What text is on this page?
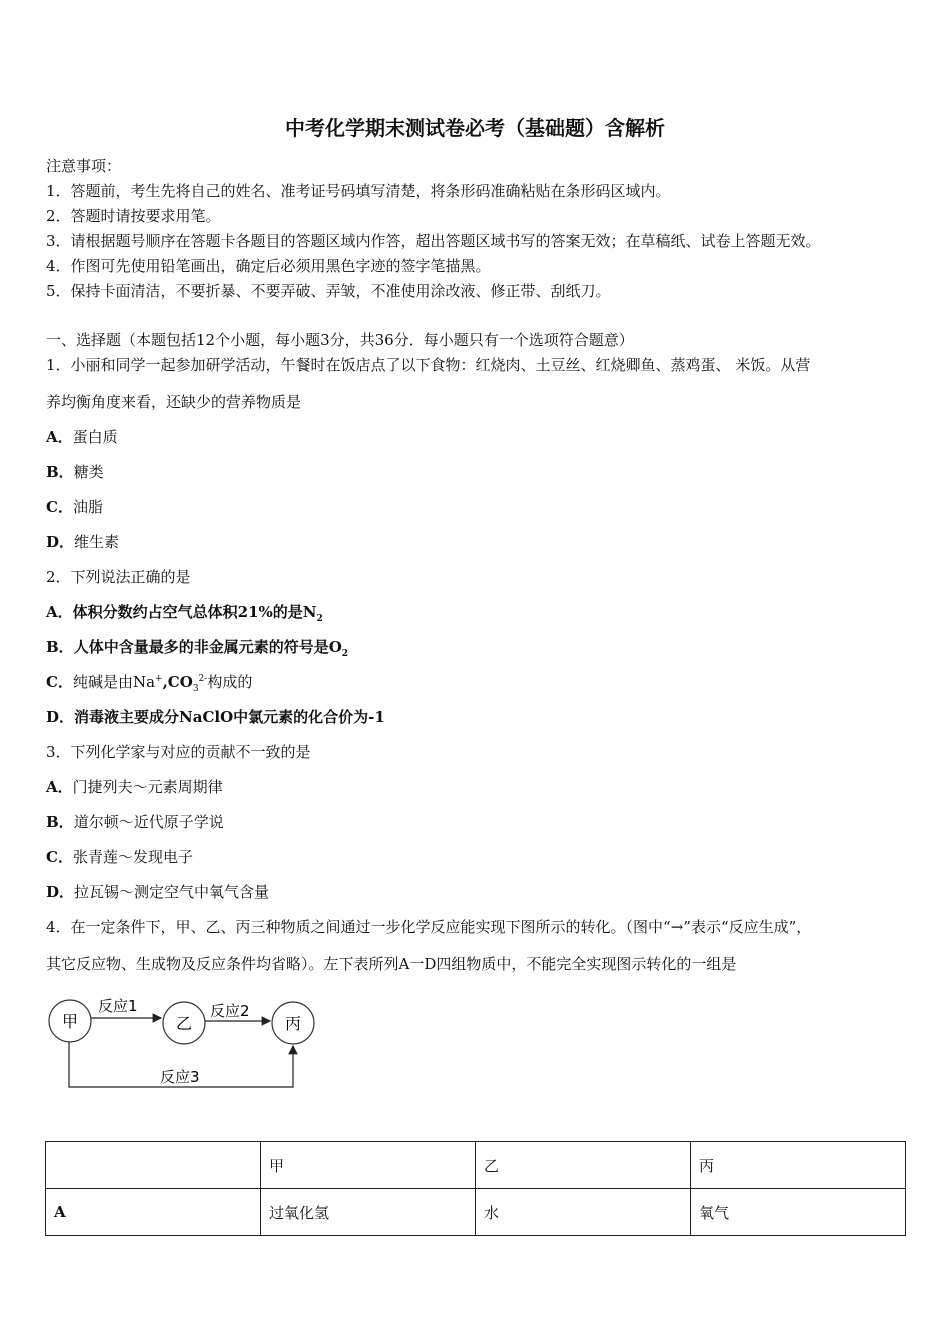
中考化学期末测试卷必考（基础题）含解析
注意事项：
1．答题前，考生先将自己的姓名、准考证号码填写清楚，将条形码准确粘贴在条形码区域内。
2．答题时请按要求用笔。
3．请根据题号顺序在答题卡各题目的答题区域内作答，超出答题区域书写的答案无效；在草稿纸、试卷上答题无效。
4．作图可先使用铅笔画出，确定后必须用黑色字迹的签字笔描黑。
5．保持卡面清洁，不要折暴、不要弄破、弄皱，不准使用涂改液、修正带、刮纸刀。
一、选择题（本题包括12个小题，每小题3分，共36分．每小题只有一个选项符合题意）
1．小丽和同学一起参加研学活动，午餐时在饭店点了以下食物：红烧肉、土豆丝、红烧卿鱼、蒸鸡蛋、 米饭。从营
养均衡角度来看，还缺少的营养物质是
A．蛋白质
B．糖类
C．油脂
D．维生素
2．下列说法正确的是
A．体积分数约占空气总体积21%的是$N_2$
B．人体中含量最多的非金属元素的符号是$O_2$
C．纯碱是由$Na^+,CO_3^{2-}$构成的
D．消毒液主要成分NaClO中氯元素的化合价为-1
3．下列化学家与对应的贡献不一致的是
A．门捷列夫～元素周期律
B．道尔顿～近代原子学说
C．张青莲～发现电子
D．拉瓦锡～测定空气中氧气含量
4．在一定条件下，甲、乙、丙三种物质之间通过一步化学反应能实现下图所示的转化。（图中“→”表示“反应生成”，
其它反应物、生成物及反应条件均省略）。左下表所列A一D四组物质中，不能完全实现图示转化的一组是
甲	乙	丙
反应1	反应2
反应3
	甲	乙	丙
A	过氧化氢	水	氧气
